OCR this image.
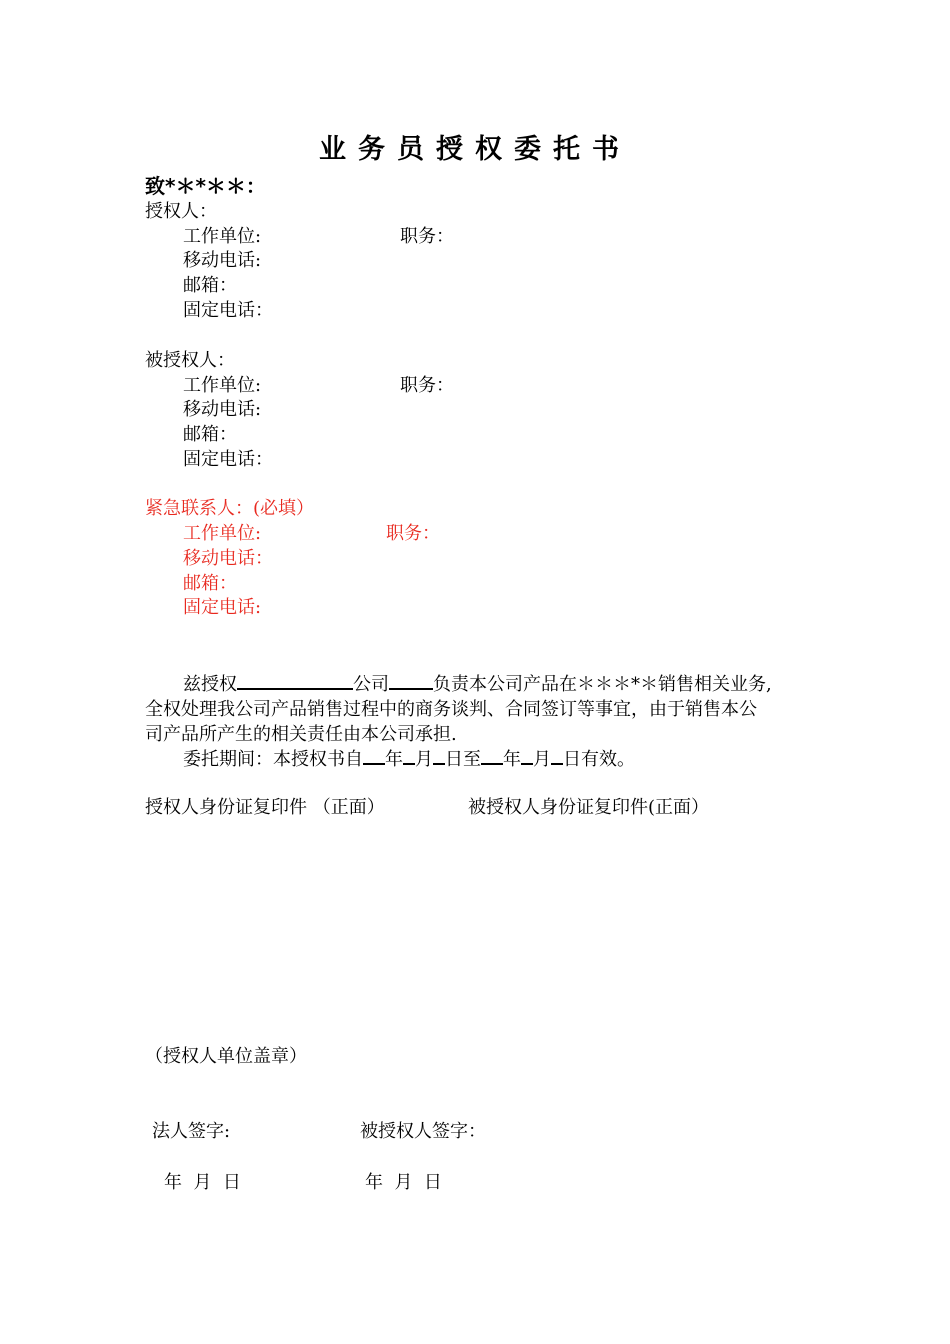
业务员授权委托书
致*＊*＊＊：
授权人：
工作单位:	职务：
移动电话:
邮箱：
固定电话：
被授权人：
工作单位:	职务：
移动电话:
邮箱：
固定电话：
紧急联系人：(必填）
工作单位:	职务：
移动电话：
邮箱：
固定电话:
兹授权	公司 负责本公司产品在＊＊＊*＊销售相关业务,
全权处理我公司产品销售过程中的商务谈判、合同签订等事宜，由于销售本公
司产品所产生的相关责任由本公司承担.
委托期间：本授权书自 年 月 日至 年 月 日有效。
授权人身份证复印件 （正面）	被授权人身份证复印件(正面）
（授权人单位盖章）
法人签字:	被授权人签字：
年  月  日	年  月  日
